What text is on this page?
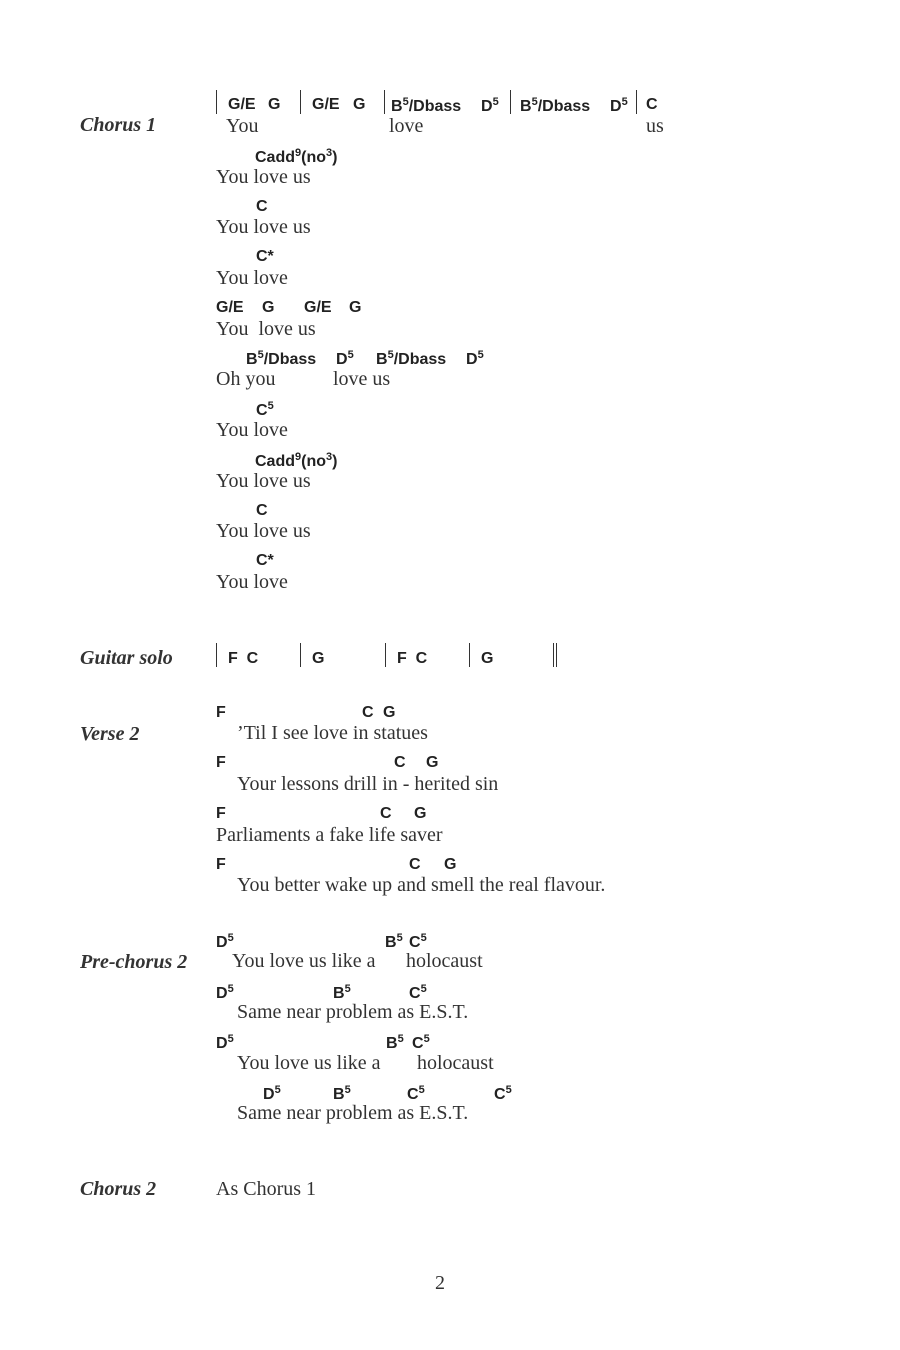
Chorus 1
G/E G G/E G $B^5$/Dbass $D^5$ $B^5$/Dbass $D^5$ C
You	love	us
$Cadd^9(no^3)$
You love us
C
You love us
C*
You love
G/E G G/E G
You  love us
$B^5$/Dbass $D^5$ $B^5$/Dbass $D^5$
Oh you	love us
$C^5$
You love
$Cadd^9(no^3)$
You love us
C
You love us
C*
You love
Guitar solo	F  C	G	F  C	G
Verse 2
F	C G
’Til I see love in statues
F	C G
Your lessons drill in - herited sin
F	C G
Parliaments a fake life saver
F	C G
You better wake up and smell the real flavour.
Pre-chorus 2
$D^5$	$B^5$ $C^5$
You love us like a holocaust
$D^5$	$B^5$	$C^5$
Same near problem as E.S.T.
$D^5$	$B^5$ $C^5$
You love us like a holocaust
$D^5$	$B^5$	$C^5$	$C^5$
Same near problem as E.S.T.
Chorus 2	As Chorus 1
2
